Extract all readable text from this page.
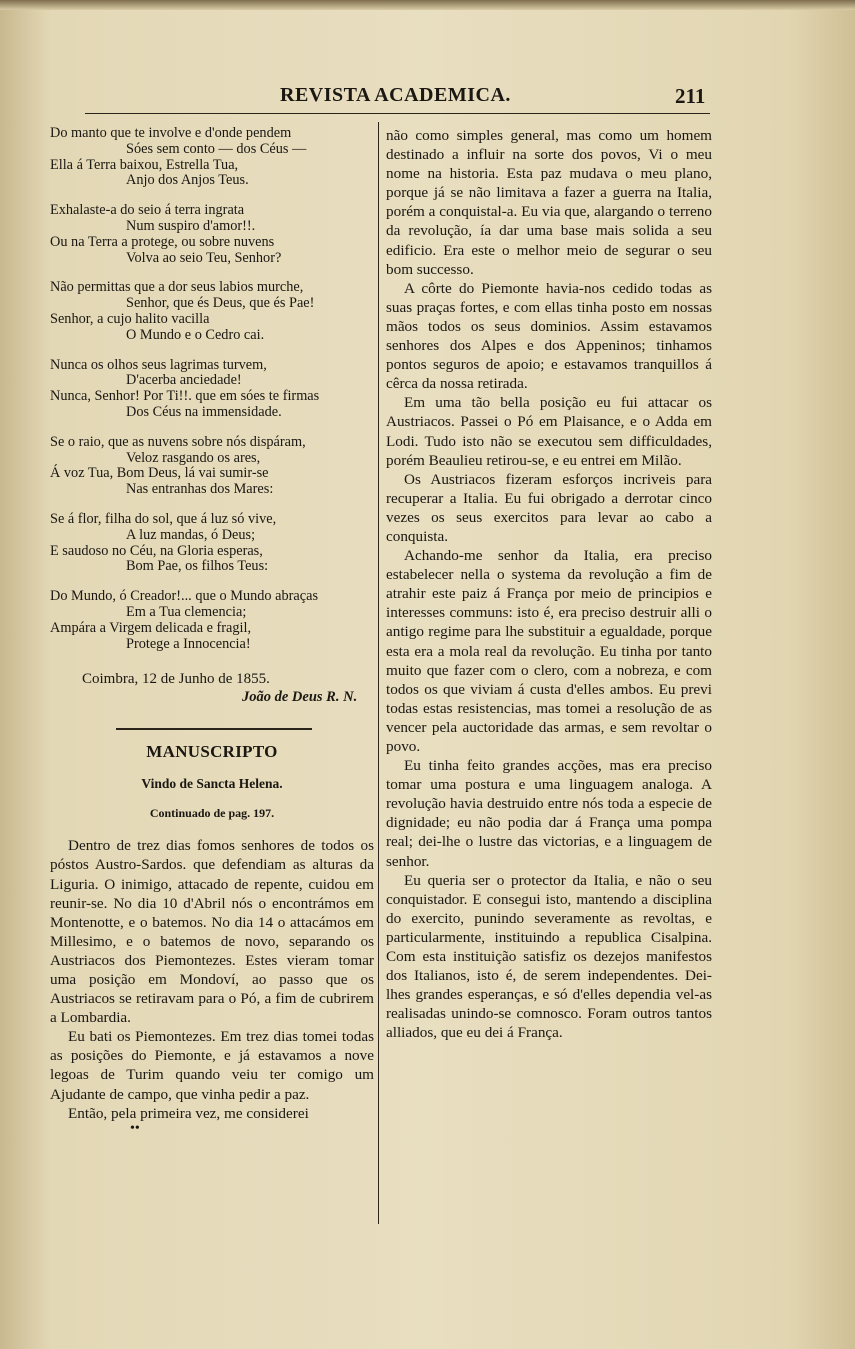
REVISTA ACADEMICA.	211
Do manto que te involve e d'onde pendem
Sóes sem conto — dos Céus —
Ella á Terra baixou, Estrella Tua,
Anjo dos Anjos Teus.
Exhalaste-a do seio á terra ingrata
Num suspiro d'amor!!.
Ou na Terra a protege, ou sobre nuvens
Volva ao seio Teu, Senhor?
Não permittas que a dor seus labios murche,
Senhor, que és Deus, que és Pae!
Senhor, a cujo halito vacilla
O Mundo e o Cedro cai.
Nunca os olhos seus lagrimas turvem,
D'acerba anciedade!
Nunca, Senhor! Por Ti!!. que em sóes te firmas
Dos Céus na immensidade.
Se o raio, que as nuvens sobre nós dispáram,
Veloz rasgando os ares,
Á voz Tua, Bom Deus, lá vai sumir-se
Nas entranhas dos Mares:
Se á flor, filha do sol, que á luz só vive,
A luz mandas, ó Deus;
E saudoso no Céu, na Gloria esperas,
Bom Pae, os filhos Teus:
Do Mundo, ó Creador!... que o Mundo abraças
Em a Tua clemencia;
Ampára a Virgem delicada e fragil,
Protege a Innocencia!
Coimbra, 12 de Junho de 1855.
João de Deus R. N.
MANUSCRIPTO
Vindo de Sancta Helena.
Continuado de pag. 197.

Dentro de trez dias fomos senhores de todos os póstos Austro-Sardos. que defendiam as alturas da Liguria. O inimigo, attacado de repente, cuidou em reunir-se. No dia 10 d'Abril nós o encontrámos em Montenotte, e o batemos. No dia 14 o attacámos em Millesimo, e o batemos de novo, separando os Austriacos dos Piemontezes. Estes vieram tomar uma posição em Mondoví, ao passo que os Austriacos se retiravam para o Pó, a fim de cubrirem a Lombardia.

Eu bati os Piemontezes. Em trez dias tomei todas as posições do Piemonte, e já estavamos a nove legoas de Turim quando veiu ter comigo um Ajudante de campo, que vinha pedir a paz.

Então, pela primeira vez, me considerei

••

não como simples general, mas como um homem destinado a influir na sorte dos povos, Vi o meu nome na historia. Esta paz mudava o meu plano, porque já se não limitava a fazer a guerra na Italia, porém a conquistal-a. Eu via que, alargando o terreno da revolução, ía dar uma base mais solida a seu edificio. Era este o melhor meio de segurar o seu bom successo.

A côrte do Piemonte havia-nos cedido todas as suas praças fortes, e com ellas tinha posto em nossas mãos todos os seus dominios. Assim estavamos senhores dos Alpes e dos Appeninos; tinhamos pontos seguros de apoio; e estavamos tranquillos á cêrca da nossa retirada.

Em uma tão bella posição eu fui attacar os Austriacos. Passei o Pó em Plaisance, e o Adda em Lodi. Tudo isto não se executou sem difficuldades, porém Beaulieu retirou-se, e eu entrei em Milão.

Os Austriacos fizeram esforços incriveis para recuperar a Italia. Eu fui obrigado a derrotar cinco vezes os seus exercitos para levar ao cabo a conquista.

Achando-me senhor da Italia, era preciso estabelecer nella o systema da revolução a fim de atrahir este paiz á França por meio de principios e interesses communs: isto é, era preciso destruir alli o antigo regime para lhe substituir a egualdade, porque esta era a mola real da revolução. Eu tinha por tanto muito que fazer com o clero, com a nobreza, e com todos os que viviam á custa d'elles ambos. Eu previ todas estas resistencias, mas tomei a resolução de as vencer pela auctoridade das armas, e sem revoltar o povo.

Eu tinha feito grandes acções, mas era preciso tomar uma postura e uma linguagem analoga. A revolução havia destruido entre nós toda a especie de dignidade; eu não podia dar á França uma pompa real; dei-lhe o lustre das victorias, e a linguagem de senhor.

Eu queria ser o protector da Italia, e não o seu conquistador. E consegui isto, mantendo a disciplina do exercito, punindo severamente as revoltas, e particularmente, instituindo a republica Cisalpina. Com esta instituição satisfiz os dezejos manifestos dos Italianos, isto é, de serem independentes. Dei-lhes grandes esperanças, e só d'elles dependia vel-as realisadas unindo-se comnosco. Foram outros tantos alliados, que eu dei á França.
